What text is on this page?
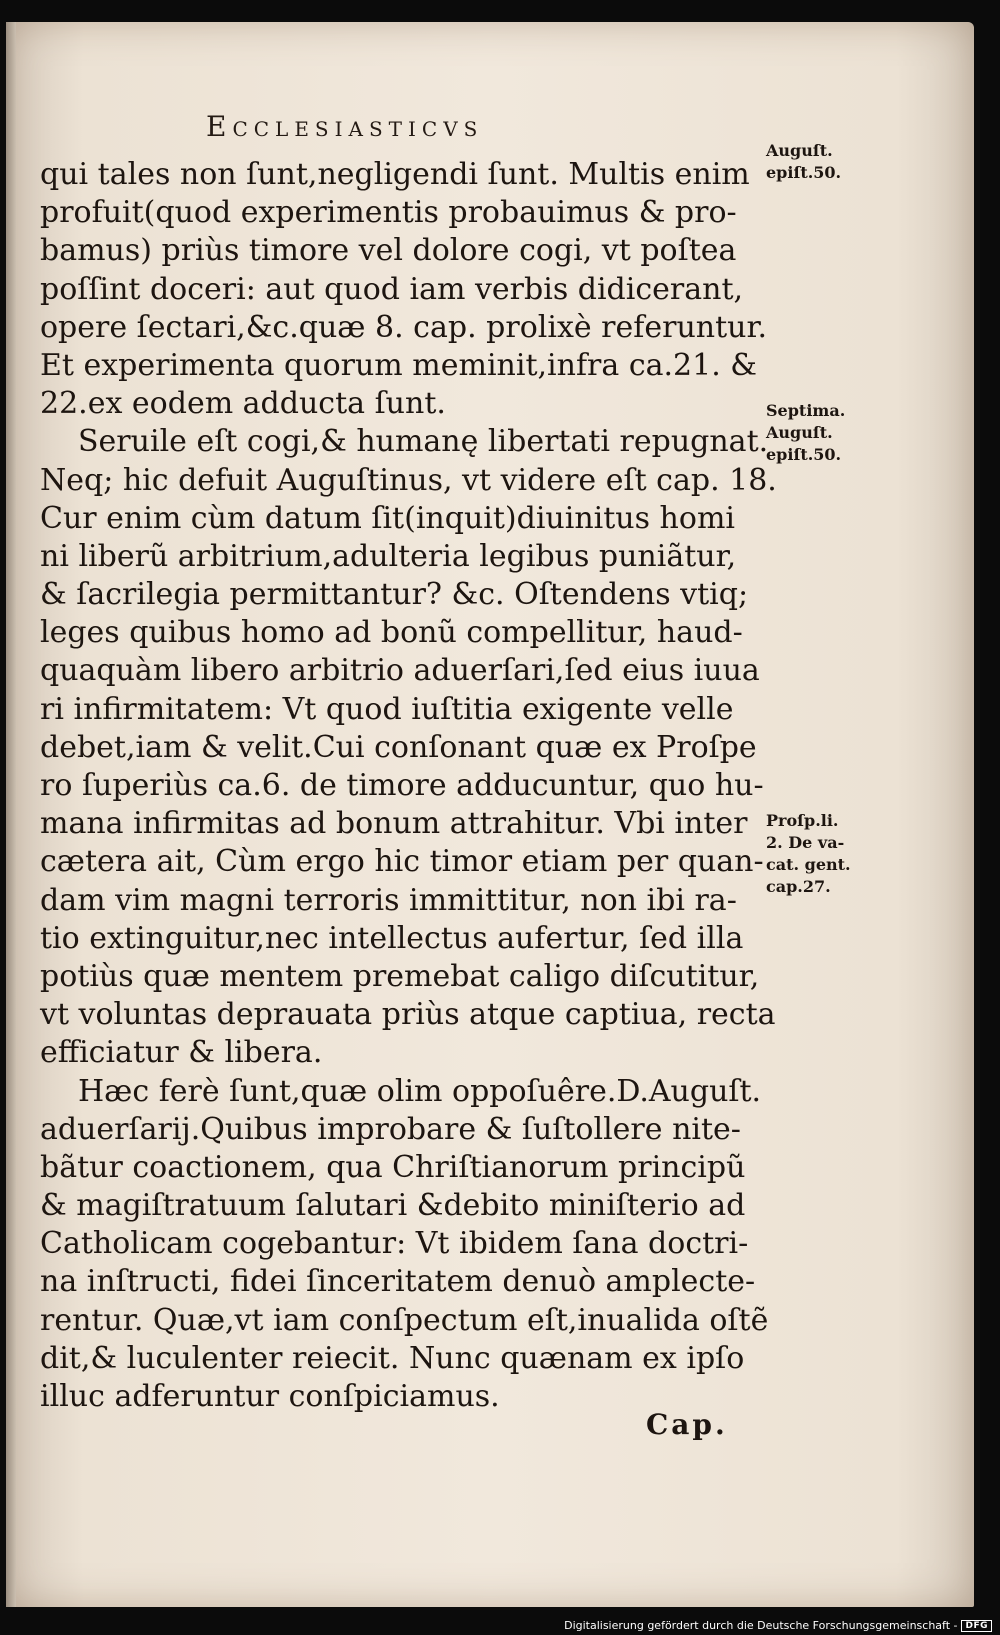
Ecclesiasticvs
qui tales non ſunt,negligendi ſunt. Multis enim
profuit(quod experimentis probauimus & pro-
bamus) priùs timore vel dolore cogi, vt poſtea
poſſint doceri: aut quod iam verbis didicerant,
opere ſectari,&c.quæ 8. cap. prolixè referuntur.
Et experimenta quorum meminit,infra ca.21. &
22.ex eodem adducta ſunt.
Seruile eſt cogi,& humanę libertati repugnat.
Neq; hic defuit Auguſtinus, vt videre eſt cap. 18.
Cur enim cùm datum ſit(inquit)diuinitus homi
ni liberũ arbitrium,adulteria legibus puniãtur,
& ſacrilegia permittantur? &c. Oſtendens vtiq;
leges quibus homo ad bonũ compellitur, haud-
quaquàm libero arbitrio aduerſari,ſed eius iuua
ri infirmitatem: Vt quod iuſtitia exigente velle
debet,iam & velit.Cui conſonant quæ ex Proſpe
ro ſuperiùs ca.6. de timore adducuntur, quo hu-
mana infirmitas ad bonum attrahitur. Vbi inter
cætera ait, Cùm ergo hic timor etiam per quan-
dam vim magni terroris immittitur, non ibi ra-
tio extinguitur,nec intellectus aufertur, ſed illa
potiùs quæ mentem premebat caligo diſcutitur,
vt voluntas deprauata priùs atque captiua, recta
efficiatur & libera.
Hæc ferè ſunt,quæ olim oppoſuêre.D.Auguſt.
aduerſarij.Quibus improbare & ſuſtollere nite-
bãtur coactionem, qua Chriſtianorum principũ
& magiſtratuum ſalutari &debito miniſterio ad
Catholicam cogebantur: Vt ibidem ſana doctri-
na inſtructi, fidei ſinceritatem denuò amplecte-
rentur. Quæ,vt iam conſpectum eſt,inualida oſtẽ
dit,& luculenter reiecit. Nunc quænam ex ipſo
illuc adferuntur conſpiciamus.
Auguſt.
epiſt.50.
Septima.
Auguſt.
epiſt.50.
Proſp.li.
2. De va-
cat. gent.
cap.27.
Cap.
Digitalisierung gefördert durch die Deutsche Forschungsgemeinschaft - DFG
